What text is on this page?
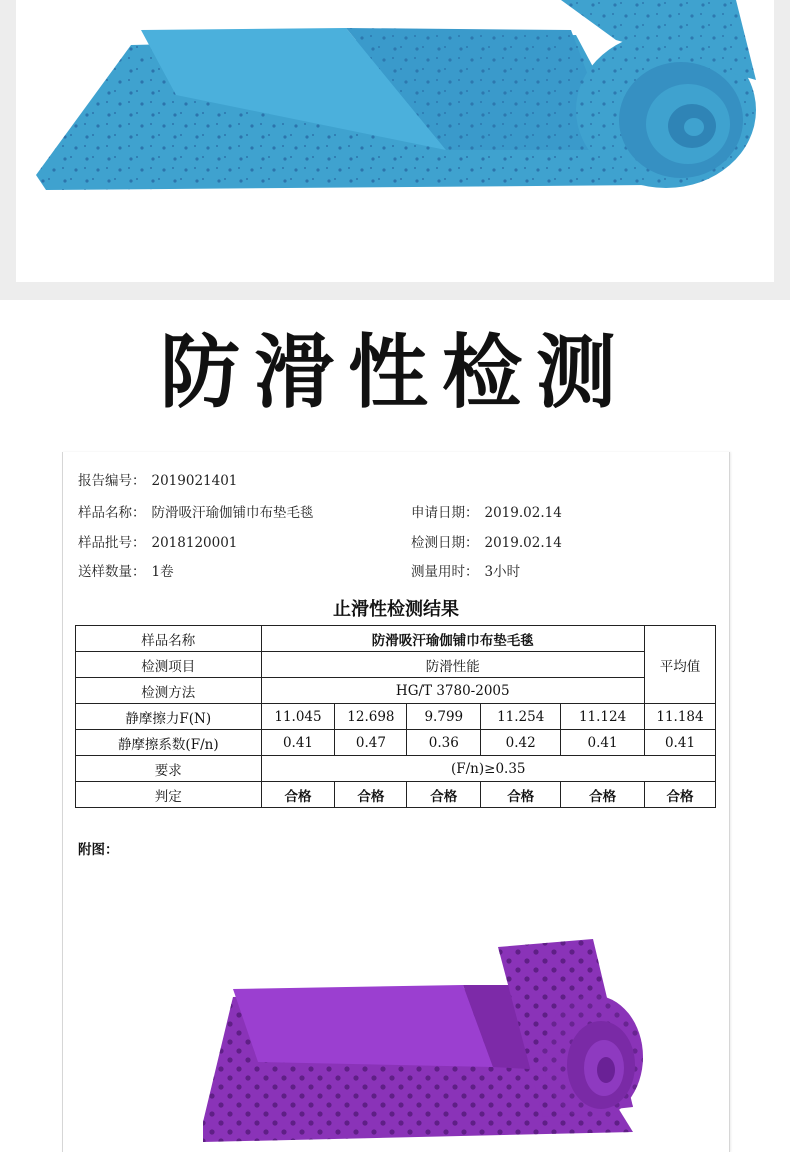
防滑性检测
报告编号： 2019021401
样品名称： 防滑吸汗瑜伽铺巾布垫毛毯	申请日期： 2019.02.14
样品批号： 2018120001	检测日期： 2019.02.14
送样数量： 1卷	测量用时： 3小时
止滑性检测结果
样品名称	防滑吸汗瑜伽铺巾布垫毛毯					平均值
检测项目	防滑性能					
检测方法	HG/T 3780-2005					
静摩擦力F(N)	11.045	12.698	9.799	11.254	11.124	11.184
静摩擦系数(F/n)	0.41	0.47	0.36	0.42	0.41	0.41
要求	(F/n)≥0.35					
判定	合格	合格	合格	合格	合格	合格
附图：
